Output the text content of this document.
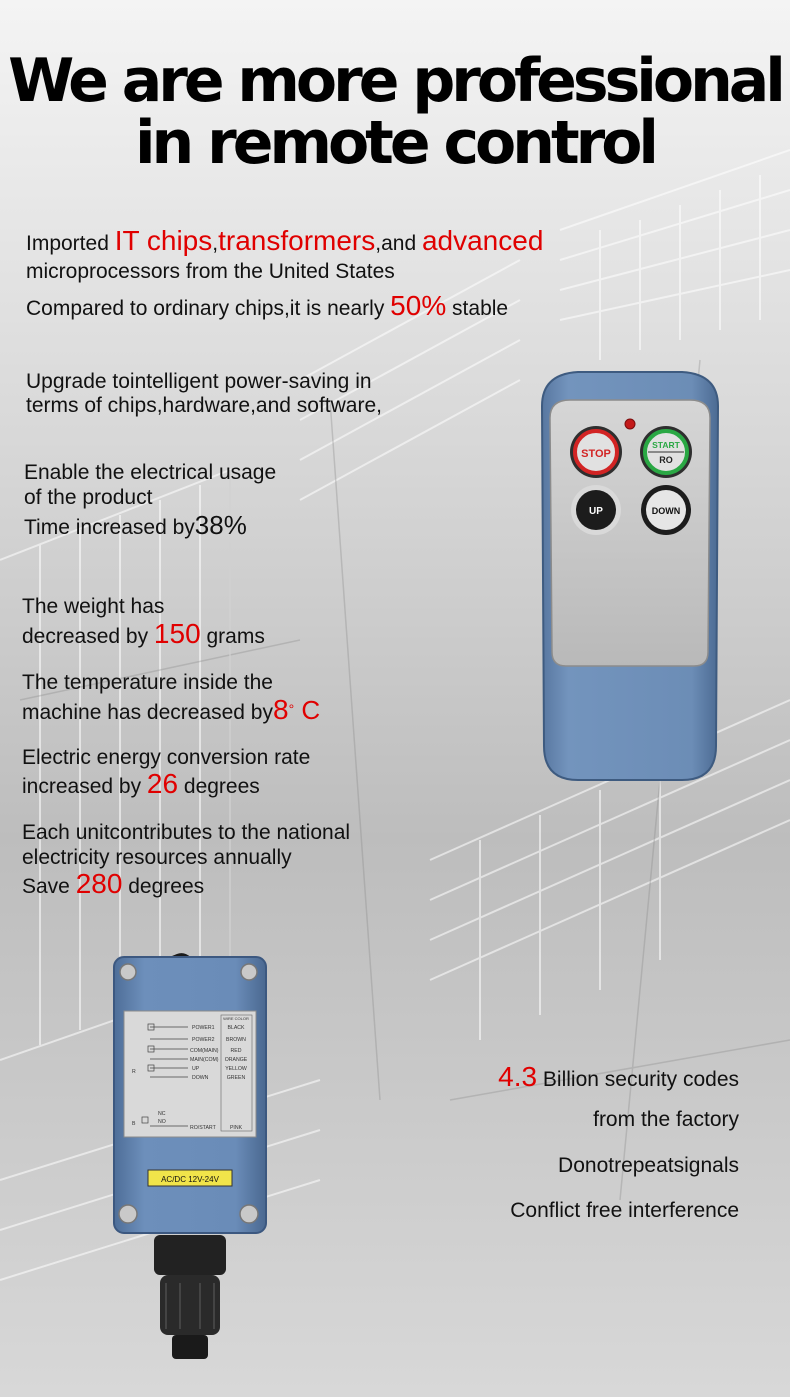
We are more professional
in remote control
Imported IT chips,transformers,and advanced
microprocessors from the United States
Compared to ordinary chips,it is nearly 50% stable
Upgrade tointelligent power-saving in
terms of chips,hardware,and software,
Enable the electrical usage
of the product
Time increased by38%
The weight has
decreased by 150 grams
The temperature inside the
machine has decreased by8° C
Electric energy conversion rate
increased by 26 degrees
Each unitcontributes to the national
electricity resources annually
Save 280 degrees
4.3 Billion security codes
from the factory
Donotrepeatsignals
Conflict free interference
STOP
START
RO
UP	DOWN
WIRE COLOR
POWER1	BLACK
POWER2 BROWN
COM(MAIN) RED
MAIN(COM) ORANGE
UP	YELLOW
DOWN	GREEN
NC
NO
RO/START	PINK
R
B
AC/DC 12V-24V
